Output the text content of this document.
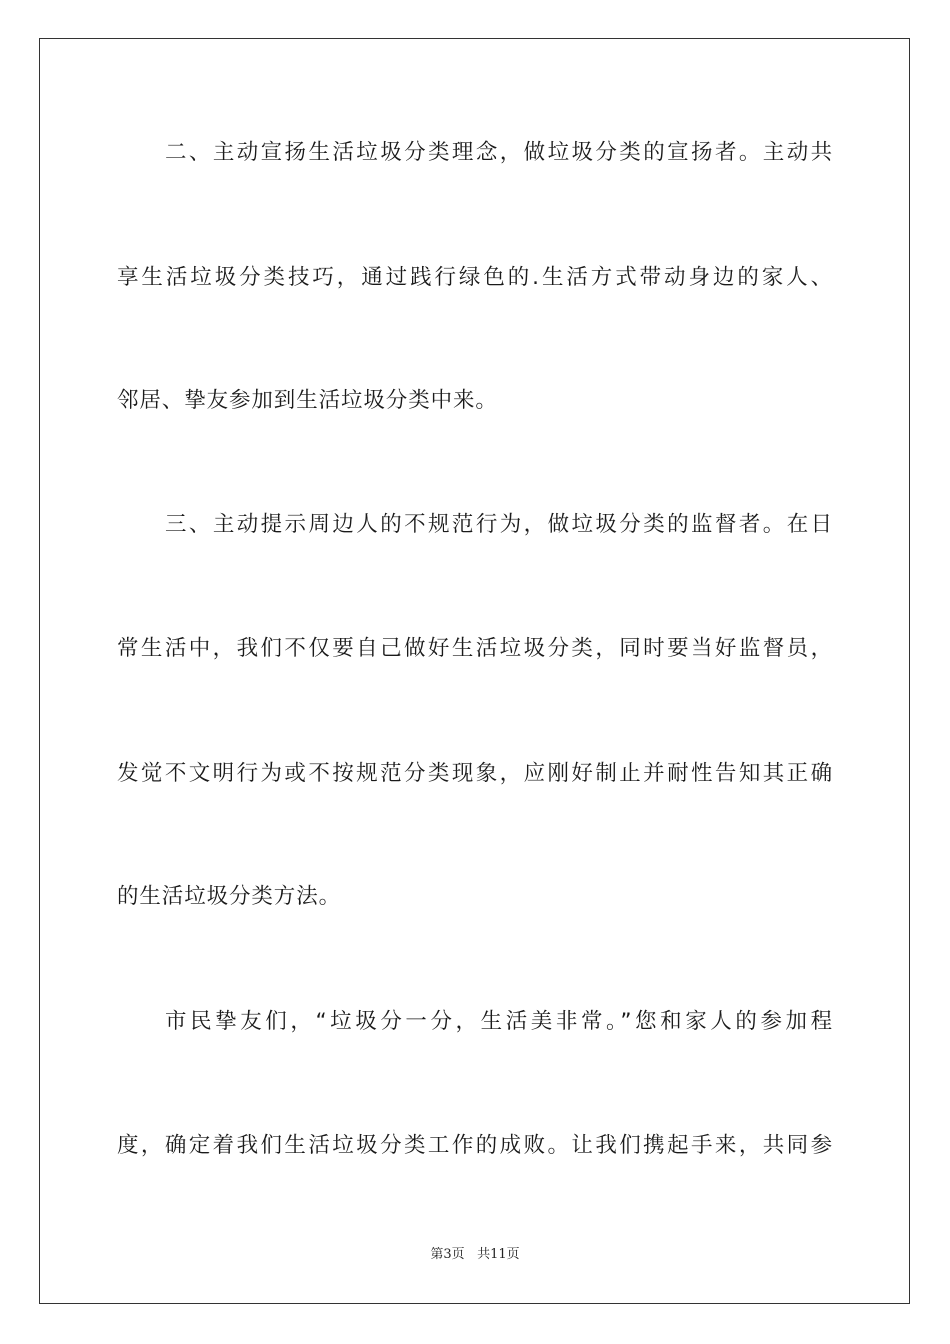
二、主动宣扬生活垃圾分类理念，做垃圾分类的宣扬者。主动共
享生活垃圾分类技巧，通过践行绿色的.生活方式带动身边的家人、
邻居、挚友参加到生活垃圾分类中来。
三、主动提示周边人的不规范行为，做垃圾分类的监督者。在日
常生活中，我们不仅要自己做好生活垃圾分类，同时要当好监督员，
发觉不文明行为或不按规范分类现象，应刚好制止并耐性告知其正确
的生活垃圾分类方法。
市民挚友们，“垃圾分一分，生活美非常。”您和家人的参加程
度，确定着我们生活垃圾分类工作的成败。让我们携起手来，共同参
第3页 共11页
